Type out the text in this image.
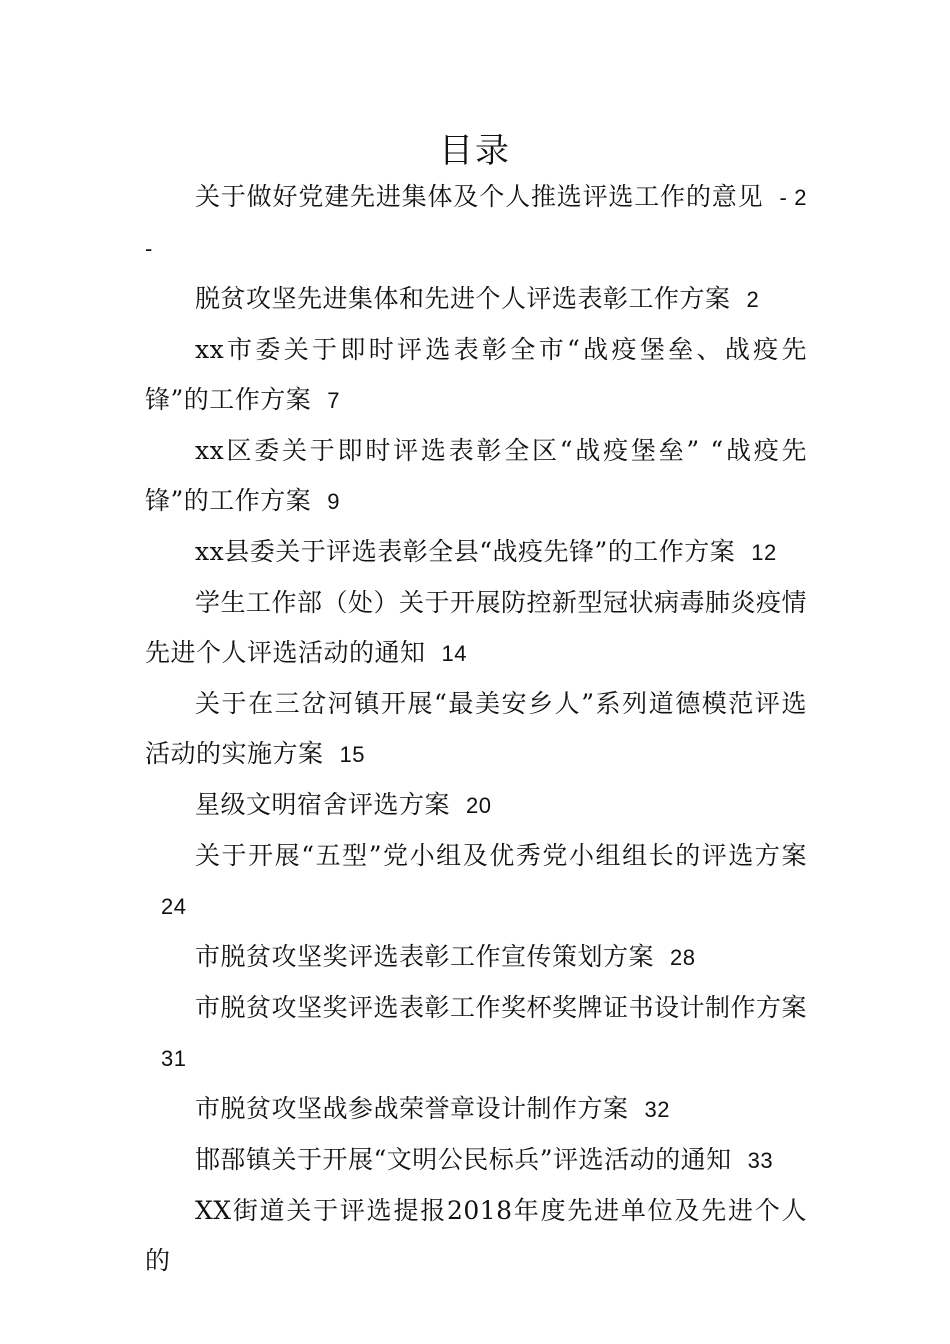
目录
关于做好党建先进集体及个人推选评选工作的意见 - 2 -
脱贫攻坚先进集体和先进个人评选表彰工作方案 2
xx市委关于即时评选表彰全市“战疫堡垒、战疫先锋”的工作方案 7
xx区委关于即时评选表彰全区“战疫堡垒” “战疫先锋”的工作方案 9
xx县委关于评选表彰全县“战疫先锋”的工作方案 12
学生工作部（处）关于开展防控新型冠状病毒肺炎疫情先进个人评选活动的通知 14
关于在三岔河镇开展“最美安乡人”系列道德模范评选活动的实施方案 15
星级文明宿舍评选方案 20
关于开展“五型”党小组及优秀党小组组长的评选方案24
市脱贫攻坚奖评选表彰工作宣传策划方案 28
市脱贫攻坚奖评选表彰工作奖杯奖牌证书设计制作方案31
市脱贫攻坚战参战荣誉章设计制作方案 32
邯郚镇关于开展“文明公民标兵”评选活动的通知 33
XX街道关于评选提报2018年度先进单位及先进个人的
